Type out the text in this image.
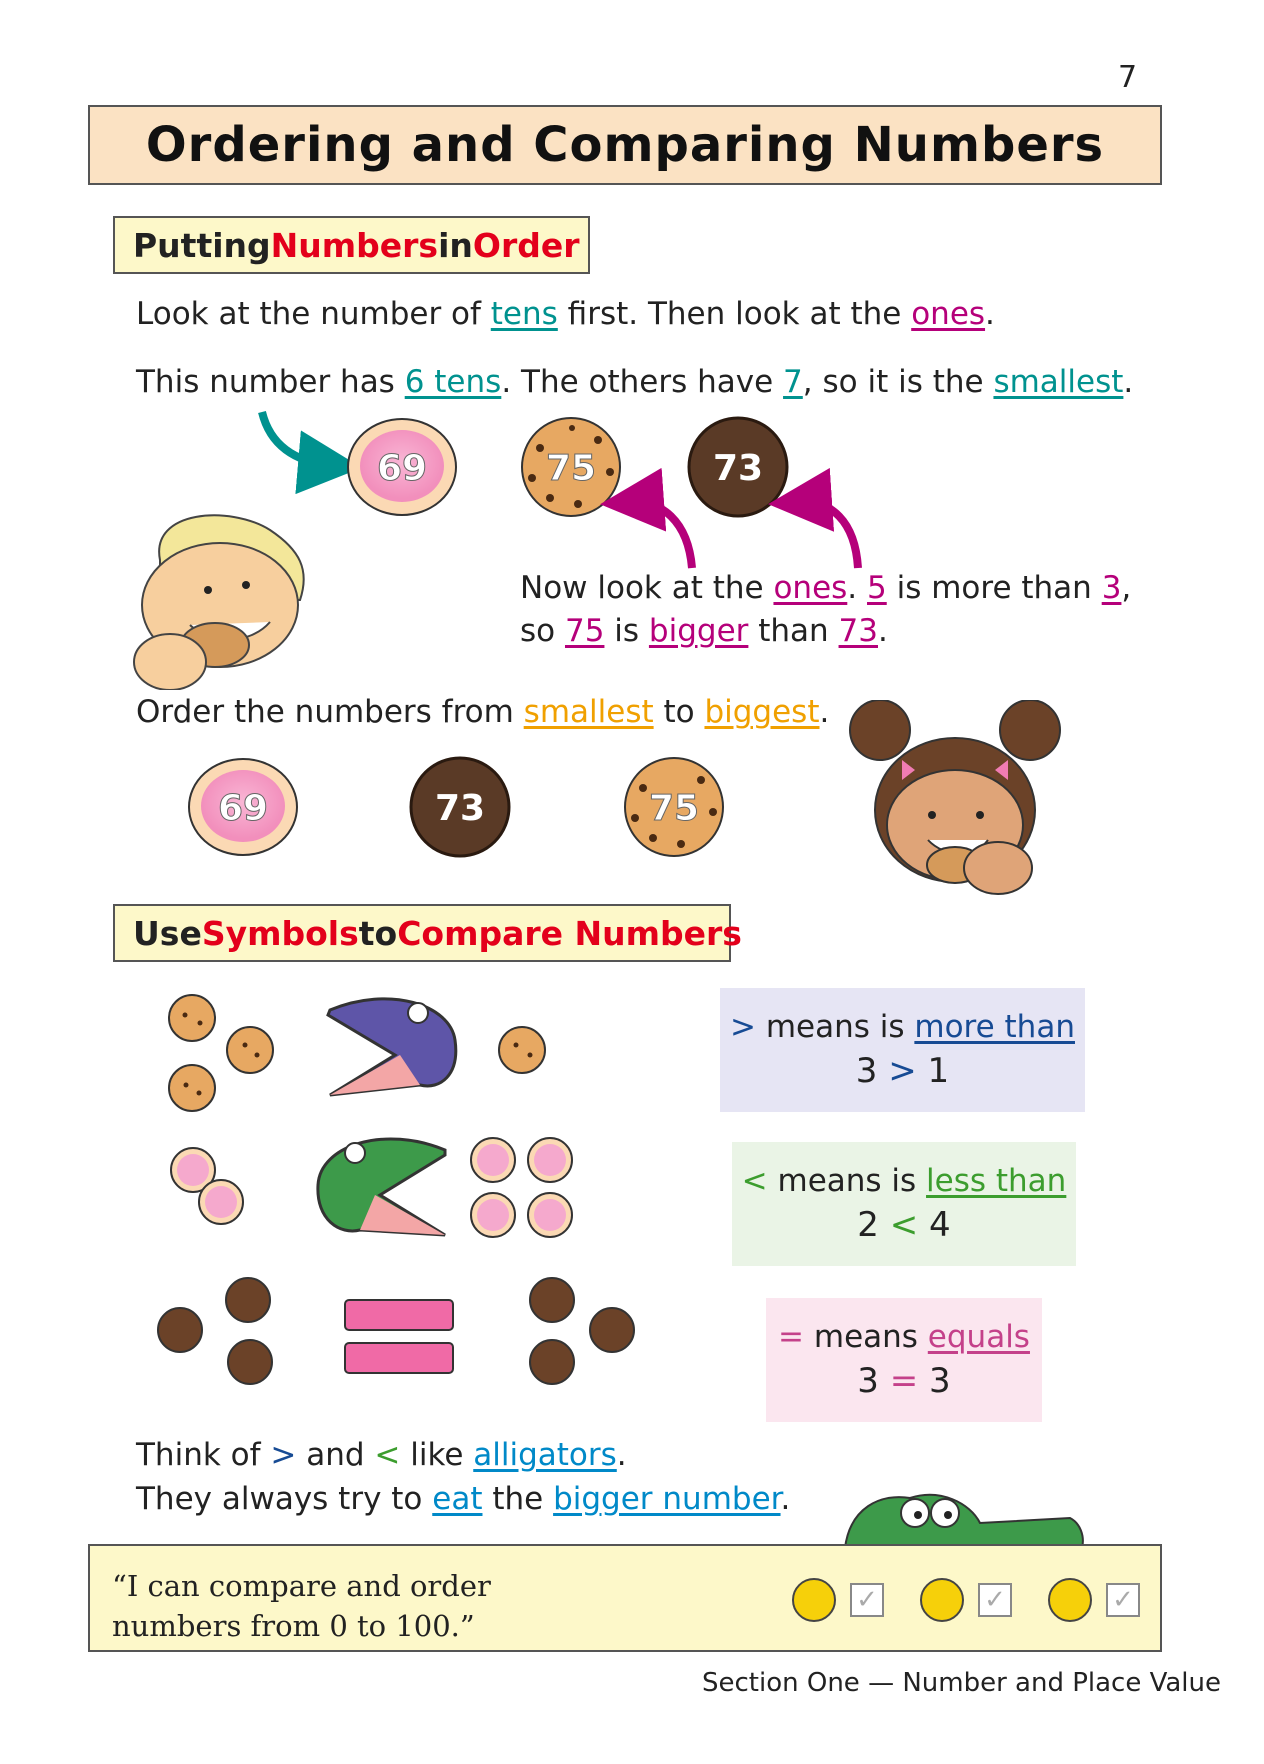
7
Ordering and Comparing Numbers
Putting Numbers in Order
Look at the number of tens first. Then look at the ones.
This number has 6 tens. The others have 7, so it is the smallest.
69	75	73
Now look at the ones. 5 is more than 3,
so 75 is bigger than 73.
Order the numbers from smallest to biggest.
69	73	75
Use Symbols to Compare Numbers
> means is more than
3 > 1
< means is less than
2 < 4
= means equals
3 = 3
Think of > and < like alligators.
They always try to eat the bigger number.
“I can compare and order
numbers from 0 to 100.”
✓	✓	✓
Section One — Number and Place Value
